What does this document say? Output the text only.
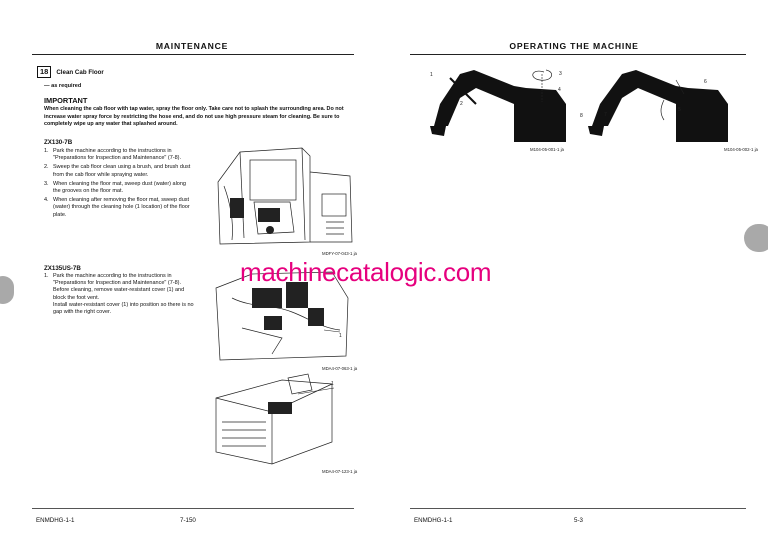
MAINTENANCE
18	Clean Cab Floor
— as required
IMPORTANT
When cleaning the cab floor with tap water, spray the floor only. Take care not to splash the surrounding area. Do not increase water spray force by restricting the hose end, and do not use high pressure steam for cleaning. Be sure to completely wipe up any water that splashed around.
ZX130-7B
1. Park the machine according to the instructions in "Preparations for Inspection and Maintenance" (7-8).
2. Sweep the cab floor clean using a brush, and brush dust from the cab floor while spraying water.
3. When cleaning the floor mat, sweep dust (water) along the grooves on the floor mat.
4. When cleaning after removing the floor mat, sweep dust (water) through the cleaning hole (1 location) of the floor plate.
MDFY-07-043-1 ja
ZX135US-7B
1. Park the machine according to the instructions in "Preparations for Inspection and Maintenance" (7-8).
Before cleaning, remove water-resistant cover (1) and block the foot vent.
Install water-resistant cover (1) into position so there is no gap with the right cover.
1
MDA4-07-063-1 ja
1
MDA4-07-123-1 ja
ENMDHG-1-1	7-150
OPERATING THE MACHINE
1
2
3
4
M104-05-001-1 ja
6
5
7
8
M104-05-002-1 ja
ENMDHG-1-1	5-3
machinecatalogic.com
